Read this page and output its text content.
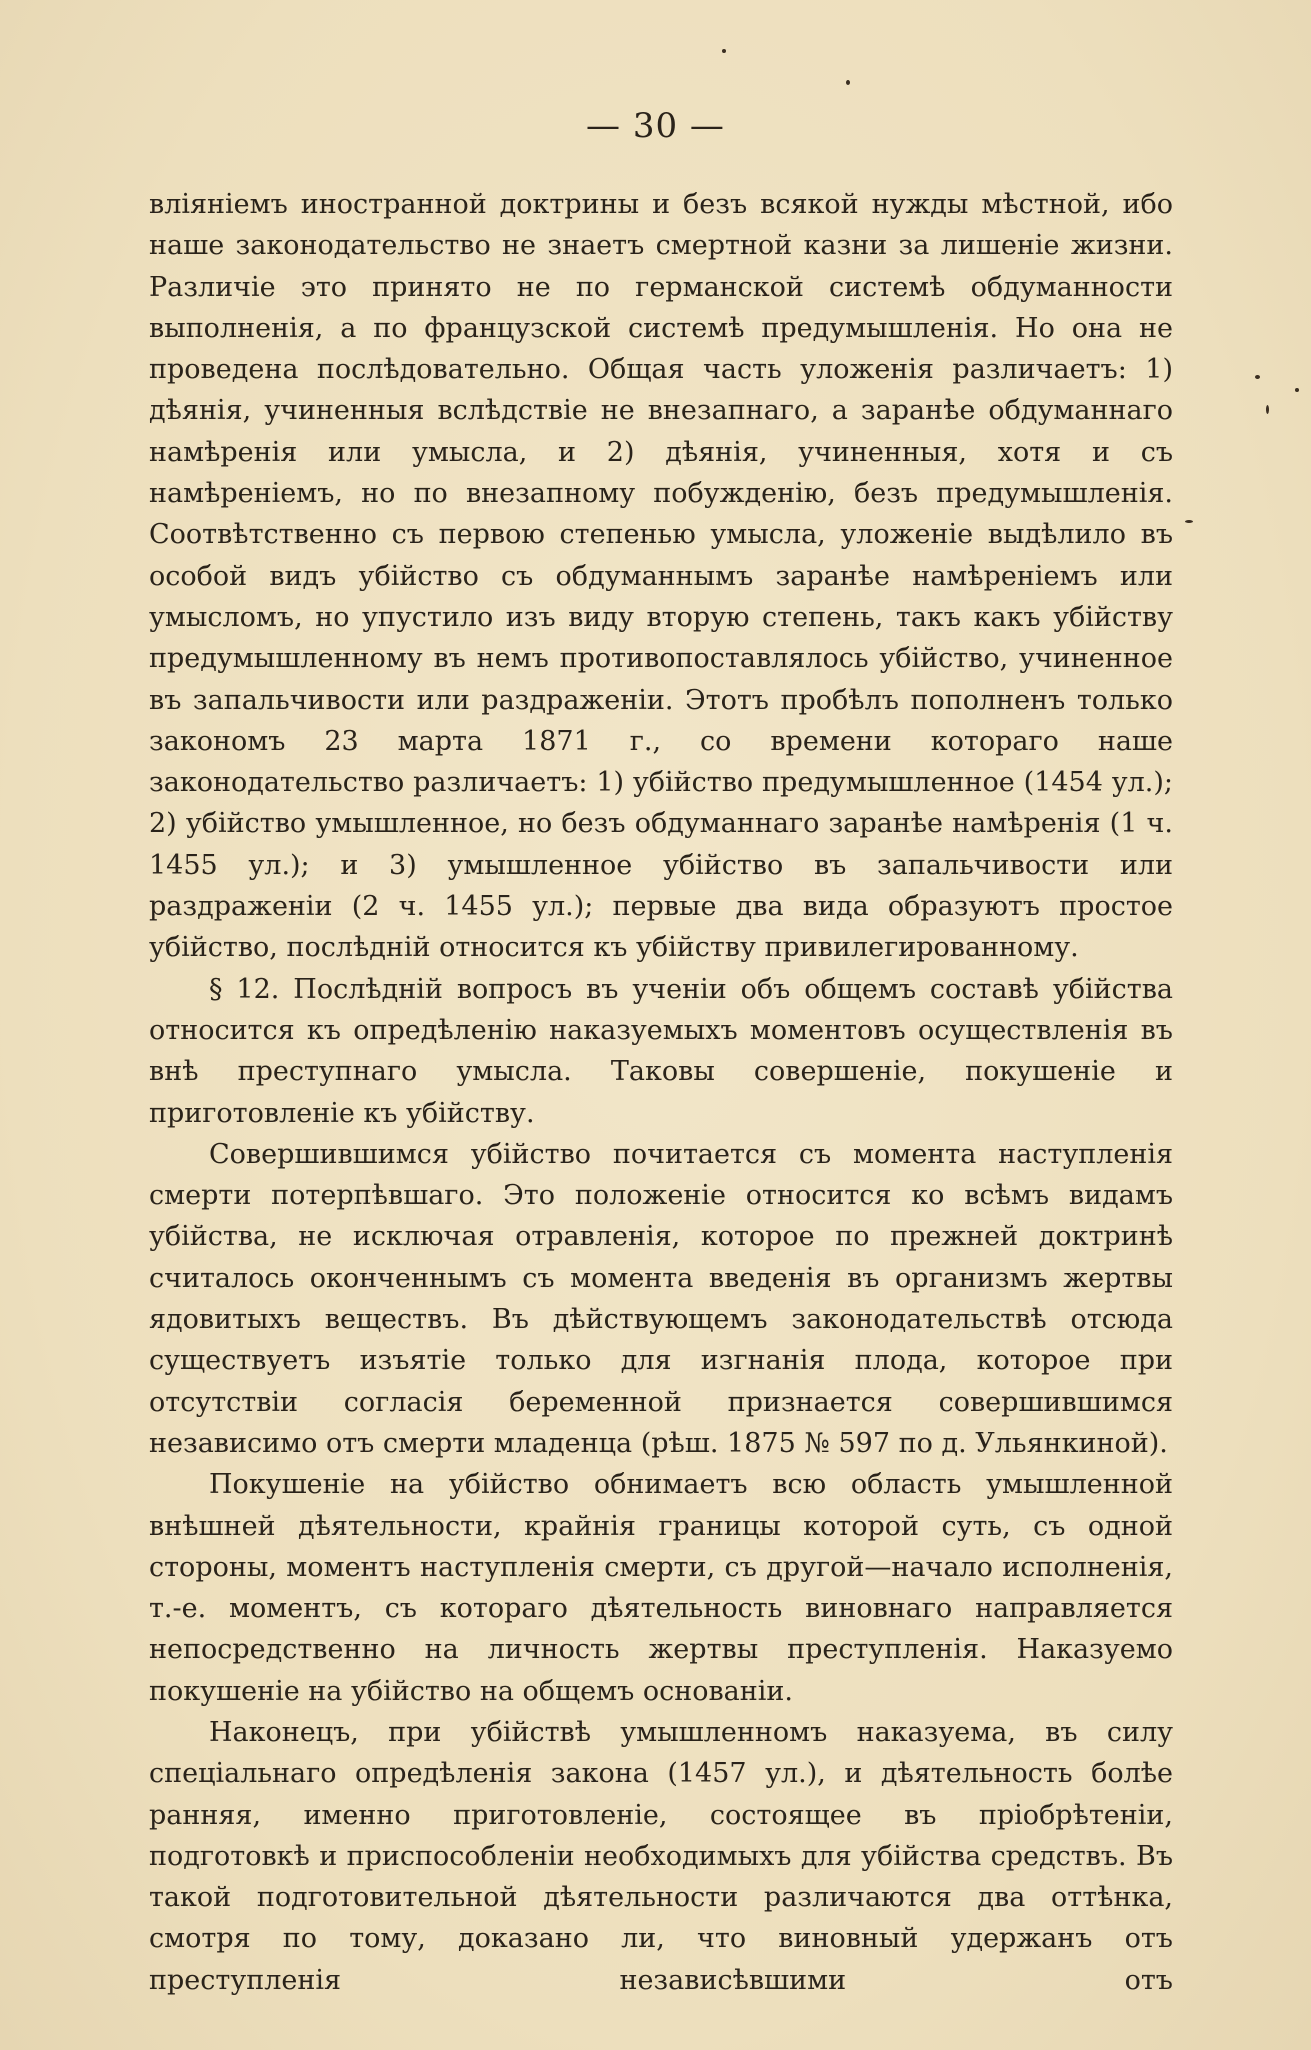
— 30 —

вліяніемъ иностранной доктрины и безъ всякой нужды мѣстной, ибо наше законодательство не знаетъ смертной казни за лишеніе жизни. Различіе это принято не по германской системѣ обдуманности выполненія, а по французской системѣ предумышленія. Но она не проведена послѣдовательно. Общая часть уложенія различаетъ: 1) дѣянія, учиненныя вслѣдствіе не внезапнаго, а заранѣе обдуманнаго намѣренія или умысла, и 2) дѣянія, учиненныя, хотя и съ намѣреніемъ, но по внезапному побужденію, безъ предумышленія. Соотвѣтственно съ первою степенью умысла, уложеніе выдѣлило въ особой видъ убійство съ обдуманнымъ заранѣе намѣреніемъ или умысломъ, но упустило изъ виду вторую степень, такъ какъ убійству предумышленному въ немъ противопоставлялось убійство, учиненное въ запальчивости или раздраженіи. Этотъ пробѣлъ пополненъ только закономъ 23 марта 1871 г., со времени котораго наше законодательство различаетъ: 1) убійство предумышленное (1454 ул.); 2) убійство умышленное, но безъ обдуманнаго заранѣе намѣренія (1 ч. 1455 ул.); и 3) умышленное убійство въ запальчивости или раздраженіи (2 ч. 1455 ул.); первые два вида образуютъ простое убійство, послѣдній относится къ убійству привилегированному.

§ 12. Послѣдній вопросъ въ ученіи объ общемъ составѣ убійства относится къ опредѣленію наказуемыхъ моментовъ осуществленія въ внѣ преступнаго умысла. Таковы совершеніе, покушеніе и приготовленіе къ убійству.

Совершившимся убійство почитается съ момента наступленія смерти потерпѣвшаго. Это положеніе относится ко всѣмъ видамъ убійства, не исключая отравленія, которое по прежней доктринѣ считалось оконченнымъ съ момента введенія въ организмъ жертвы ядовитыхъ веществъ. Въ дѣйствующемъ законодательствѣ отсюда существуетъ изъятіе только для изгнанія плода, которое при отсутствіи согласія беременной признается совершившимся независимо отъ смерти младенца (рѣш. 1875 № 597 по д. Ульянкиной).

Покушеніе на убійство обнимаетъ всю область умышленной внѣшней дѣятельности, крайнія границы которой суть, съ одной стороны, моментъ наступленія смерти, съ другой—начало исполненія, т.-е. моментъ, съ котораго дѣятельность виновнаго направляется непосредственно на личность жертвы преступленія. Наказуемо покушеніе на убійство на общемъ основаніи.

Наконецъ, при убійствѣ умышленномъ наказуема, въ силу спеціальнаго опредѣленія закона (1457 ул.), и дѣятельность болѣе ранняя, именно приготовленіе, состоящее въ пріобрѣтеніи, подготовкѣ и приспособленіи необходимыхъ для убійства средствъ. Въ такой подготовительной дѣятельности различаются два оттѣнка, смотря по тому, доказано ли, что виновный удержанъ отъ преступленія независѣвшими отъ
